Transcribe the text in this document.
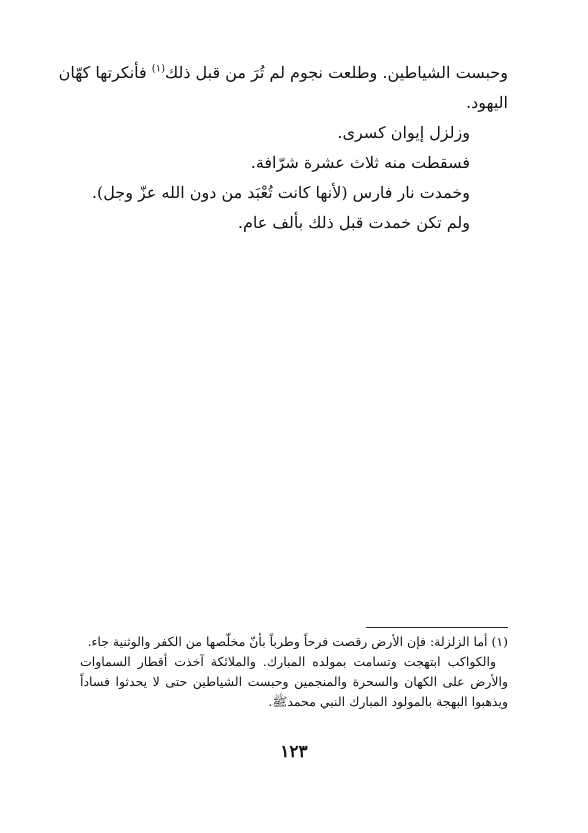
وحبست الشياطين. وطلعت نجوم لم تُرَ من قبل ذلك$^{(١)}$ فأنكرتها كهّان
اليهود.
وزلزل إيوان كسرى.
فسقطت منه ثلاث عشرة شرّافة.
وخمدت نار فارس (لأنها كانت تُعْبَد من دون الله عزّ وجل).
ولم تكن خمدت قبل ذلك بألف عام.
(١) أما الزلزلة: فإن الأرض رقصت فرحاً وطرباً بأنّ مخلّصها من الكفر والوثنية جاء.
والكواكب ابتهجت وتسامت بمولده المبارك. والملائكة آخذت أقطار السماوات
والأرض على الكهان والسحرة والمنجمين وحبست الشياطين حتى لا يحدثوا فساداً
ويذهبوا البهجة بالمولود المبارك النبي محمدﷺ.
١٢٣
